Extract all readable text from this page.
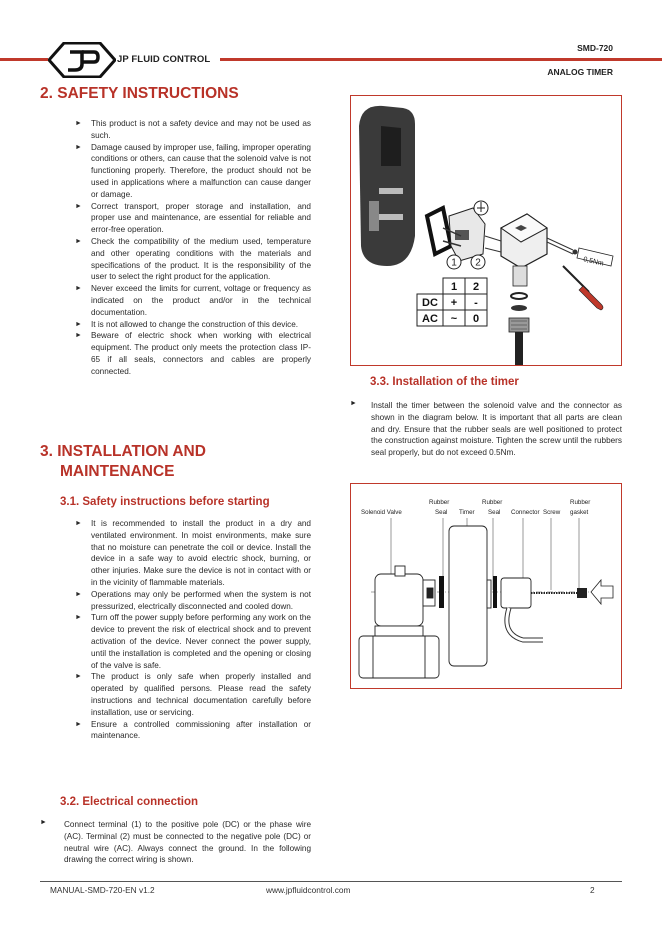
JP FLUID CONTROL
SMD-720
ANALOG TIMER
2. SAFETY INSTRUCTIONS
► This product is not a safety device and may not be used as such.
► Damage caused by improper use, failing, improper operating conditions or others, can cause that the solenoid valve is not functioning properly. Therefore, the product should not be used in applications where a malfunction can cause danger or damage.
► Correct transport, proper storage and installation, and proper use and maintenance, are essential for reliable and error-free operation.
► Check the compatibility of the medium used, temperature and other operating conditions with the materials and specifications of the product. It is the responsibility of the user to select the right product for the application.
► Never exceed the limits for current, voltage or frequency as indicated on the product and/or in the technical documentation.
► It is not allowed to change the construction of this device.
► Beware of electric shock when working with electrical equipment. The product only meets the protection class IP-65 if all seals, connectors and cables are properly connected.
3. INSTALLATION AND
MAINTENANCE
3.1. Safety instructions before starting
► It is recommended to install the product in a dry and ventilated environment. In moist environments, make sure that no moisture can penetrate the coil or device. Install the device in a safe way to avoid electric shock, burning, or other injuries. Make sure the device is not in contact with or in the vicinity of flammable materials.
► Operations may only be performed when the system is not pressurized, electrically disconnected and cooled down.
► Turn off the power supply before performing any work on the device to prevent the risk of electrical shock and to prevent activation of the device. Never connect the power supply, until the installation is completed and the opening or closing of the valve is safe.
► The product is only safe when properly installed and operated by qualified persons. Please read the safety instructions and technical documentation carefully before installation, use or servicing.
► Ensure a controlled commissioning after installation or maintenance.
3.2. Electrical connection
► Connect terminal (1) to the positive pole (DC) or the phase wire (AC). Terminal (2) must be connected to the negative pole (DC) or neutral wire (AC). Always connect the ground. In the following drawing the correct wiring is shown.

0,5Nm
1 2
1 2
DC + -
AC ~ 0
3.3. Installation of the timer
► Install the timer between the solenoid valve and the connector as shown in the diagram below. It is important that all parts are clean and dry. Ensure that the rubber seals are well positioned to protect the construction against moisture. Tighten the screw until the rubbers seal properly, but do not exceed 0.5Nm.

Solenoid Valve
Rubber
Seal Timer
Rubber
Seal Connector Screw
Rubber
gasket
MANUAL-SMD-720-EN v1.2	www.jpfluidcontrol.com	2
